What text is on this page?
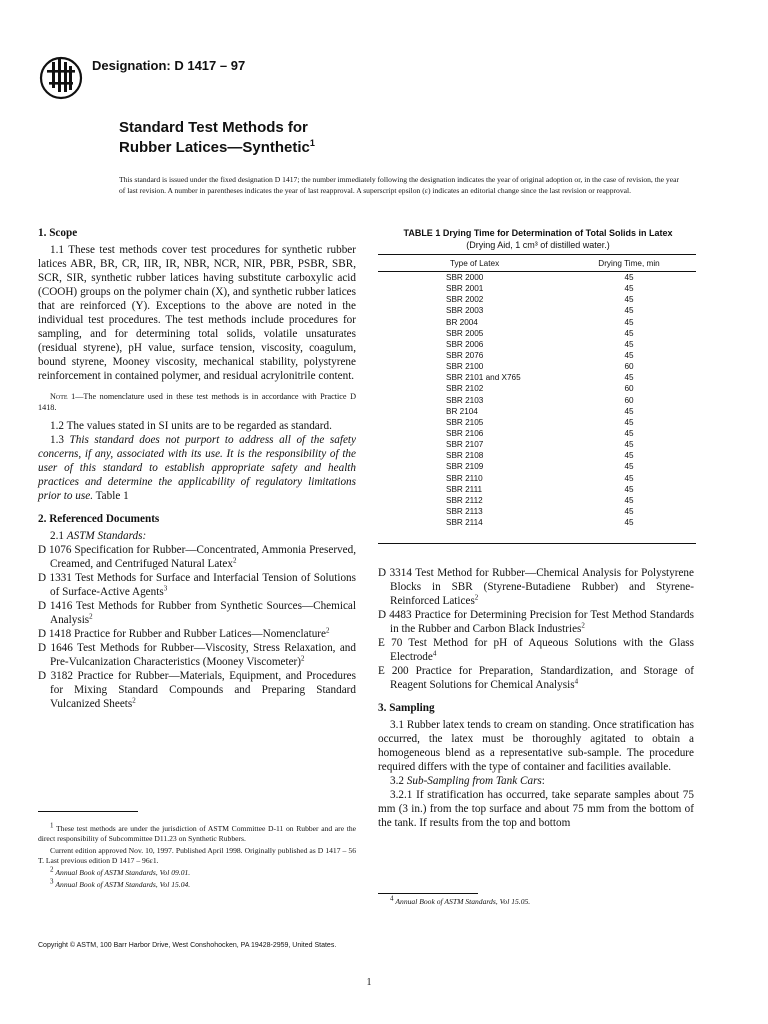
Designation: D 1417 – 97
Standard Test Methods for
Rubber Latices—Synthetic$^1$
This standard is issued under the fixed designation D 1417; the number immediately following the designation indicates the year of original adoption or, in the case of revision, the year of last revision. A number in parentheses indicates the year of last reapproval. A superscript epsilon (ε) indicates an editorial change since the last revision or reapproval.

1. Scope

1.1 These test methods cover test procedures for synthetic rubber latices ABR, BR, CR, IIR, IR, NBR, NCR, NIR, PBR, PSBR, SBR, SCR, SIR, synthetic rubber latices having substitute carboxylic acid (COOH) groups on the polymer chain (X), and synthetic rubber latices that are reinforced (Y). Exceptions to the above are noted in the individual test procedures. The test methods include procedures for sampling, and for determining total solids, volatile unsaturates (residual styrene), pH value, surface tension, viscosity, coagulum, bound styrene, Mooney viscosity, mechanical stability, polystyrene reinforcement in contained polymer, and residual acrylonitrile content.

Note 1—The nomenclature used in these test methods is in accordance with Practice D 1418.

1.2 The values stated in SI units are to be regarded as standard.

1.3 This standard does not purport to address all of the safety concerns, if any, associated with its use. It is the responsibility of the user of this standard to establish appropriate safety and health practices and determine the applicability of regulatory limitations prior to use. Table 1

2. Referenced Documents

2.1 ASTM Standards:

D 1076 Specification for Rubber—Concentrated, Ammonia Preserved, Creamed, and Centrifuged Natural Latex$^2$

D 1331 Test Methods for Surface and Interfacial Tension of Solutions of Surface-Active Agents$^3$

D 1416 Test Methods for Rubber from Synthetic Sources—Chemical Analysis$^2$

D 1418 Practice for Rubber and Rubber Latices—Nomenclature$^2$

D 1646 Test Methods for Rubber—Viscosity, Stress Relaxation, and Pre-Vulcanization Characteristics (Mooney Viscometer)$^2$

D 3182 Practice for Rubber—Materials, Equipment, and Procedures for Mixing Standard Compounds and Preparing Standard Vulcanized Sheets$^2$

TABLE 1 Drying Time for Determination of Total Solids in Latex
(Drying Aid, 1 cm³ of distilled water.)
Type of Latex	Drying Time, min
SBR 2000	45
SBR 2001	45
SBR 2002	45
SBR 2003	45
BR 2004	45
SBR 2005	45
SBR 2006	45
SBR 2076	45
SBR 2100	60
SBR 2101 and X765	45
SBR 2102	60
SBR 2103	60
BR 2104	45
SBR 2105	45
SBR 2106	45
SBR 2107	45
SBR 2108	45
SBR 2109	45
SBR 2110	45
SBR 2111	45
SBR 2112	45
SBR 2113	45
SBR 2114	45

D 3314 Test Method for Rubber—Chemical Analysis for Polystyrene Blocks in SBR (Styrene-Butadiene Rubber) and Styrene-Reinforced Latices$^2$

D 4483 Practice for Determining Precision for Test Method Standards in the Rubber and Carbon Black Industries$^2$

E 70 Test Method for pH of Aqueous Solutions with the Glass Electrode$^4$

E 200 Practice for Preparation, Standardization, and Storage of Reagent Solutions for Chemical Analysis$^4$

3. Sampling

3.1 Rubber latex tends to cream on standing. Once stratification has occurred, the latex must be thoroughly agitated to obtain a homogeneous blend as a representative sub-sample. The procedure required differs with the type of container and facilities available.

3.2 Sub-Sampling from Tank Cars:

3.2.1 If stratification has occurred, take separate samples about 75 mm (3 in.) from the top surface and about 75 mm from the bottom of the tank. If results from the top and bottom

$^1$ These test methods are under the jurisdiction of ASTM Committee D-11 on Rubber and are the direct responsibility of Subcommittee D11.23 on Synthetic Rubbers.

Current edition approved Nov. 10, 1997. Published April 1998. Originally published as D 1417 – 56 T. Last previous edition D 1417 – 96ε1.

$^2$ Annual Book of ASTM Standards, Vol 09.01.

$^3$ Annual Book of ASTM Standards, Vol 15.04.

$^4$ Annual Book of ASTM Standards, Vol 15.05.

Copyright © ASTM, 100 Barr Harbor Drive, West Conshohocken, PA 19428-2959, United States.
1
